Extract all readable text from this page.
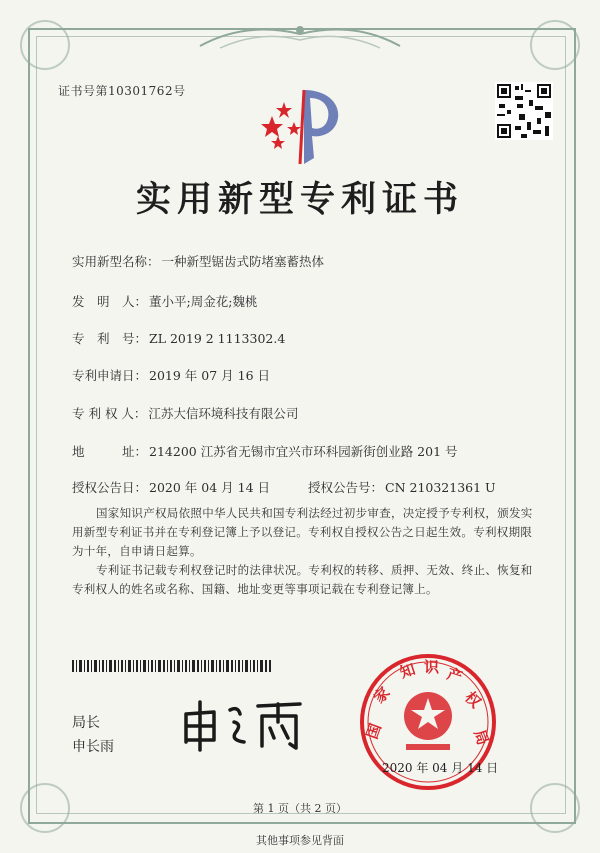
证书号第10301762号
实用新型专利证书
实用新型名称： 一种新型锯齿式防堵塞蓄热体
发　明　人： 董小平;周金花;魏桃
专　利　号： ZL 2019 2 1113302.4
专利申请日： 2019 年 07 月 16 日
专 利 权 人： 江苏大信环境科技有限公司
地　　　址： 214200 江苏省无锡市宜兴市环科园新街创业路 201 号
授权公告日： 2020 年 04 月 14 日	授权公告号： CN 210321361 U
国家知识产权局依照中华人民共和国专利法经过初步审查，决定授予专利权，颁发实用新型专利证书并在专利登记簿上予以登记。专利权自授权公告之日起生效。专利权期限为十年，自申请日起算。
专利证书记载专利权登记时的法律状况。专利权的转移、质押、无效、终止、恢复和专利权人的姓名或名称、国籍、地址变更等事项记载在专利登记簿上。
局长
申长雨
国
家
知 识 产
权
局
2020 年 04 月 14 日
第 1 页（共 2 页）
其他事项参见背面
